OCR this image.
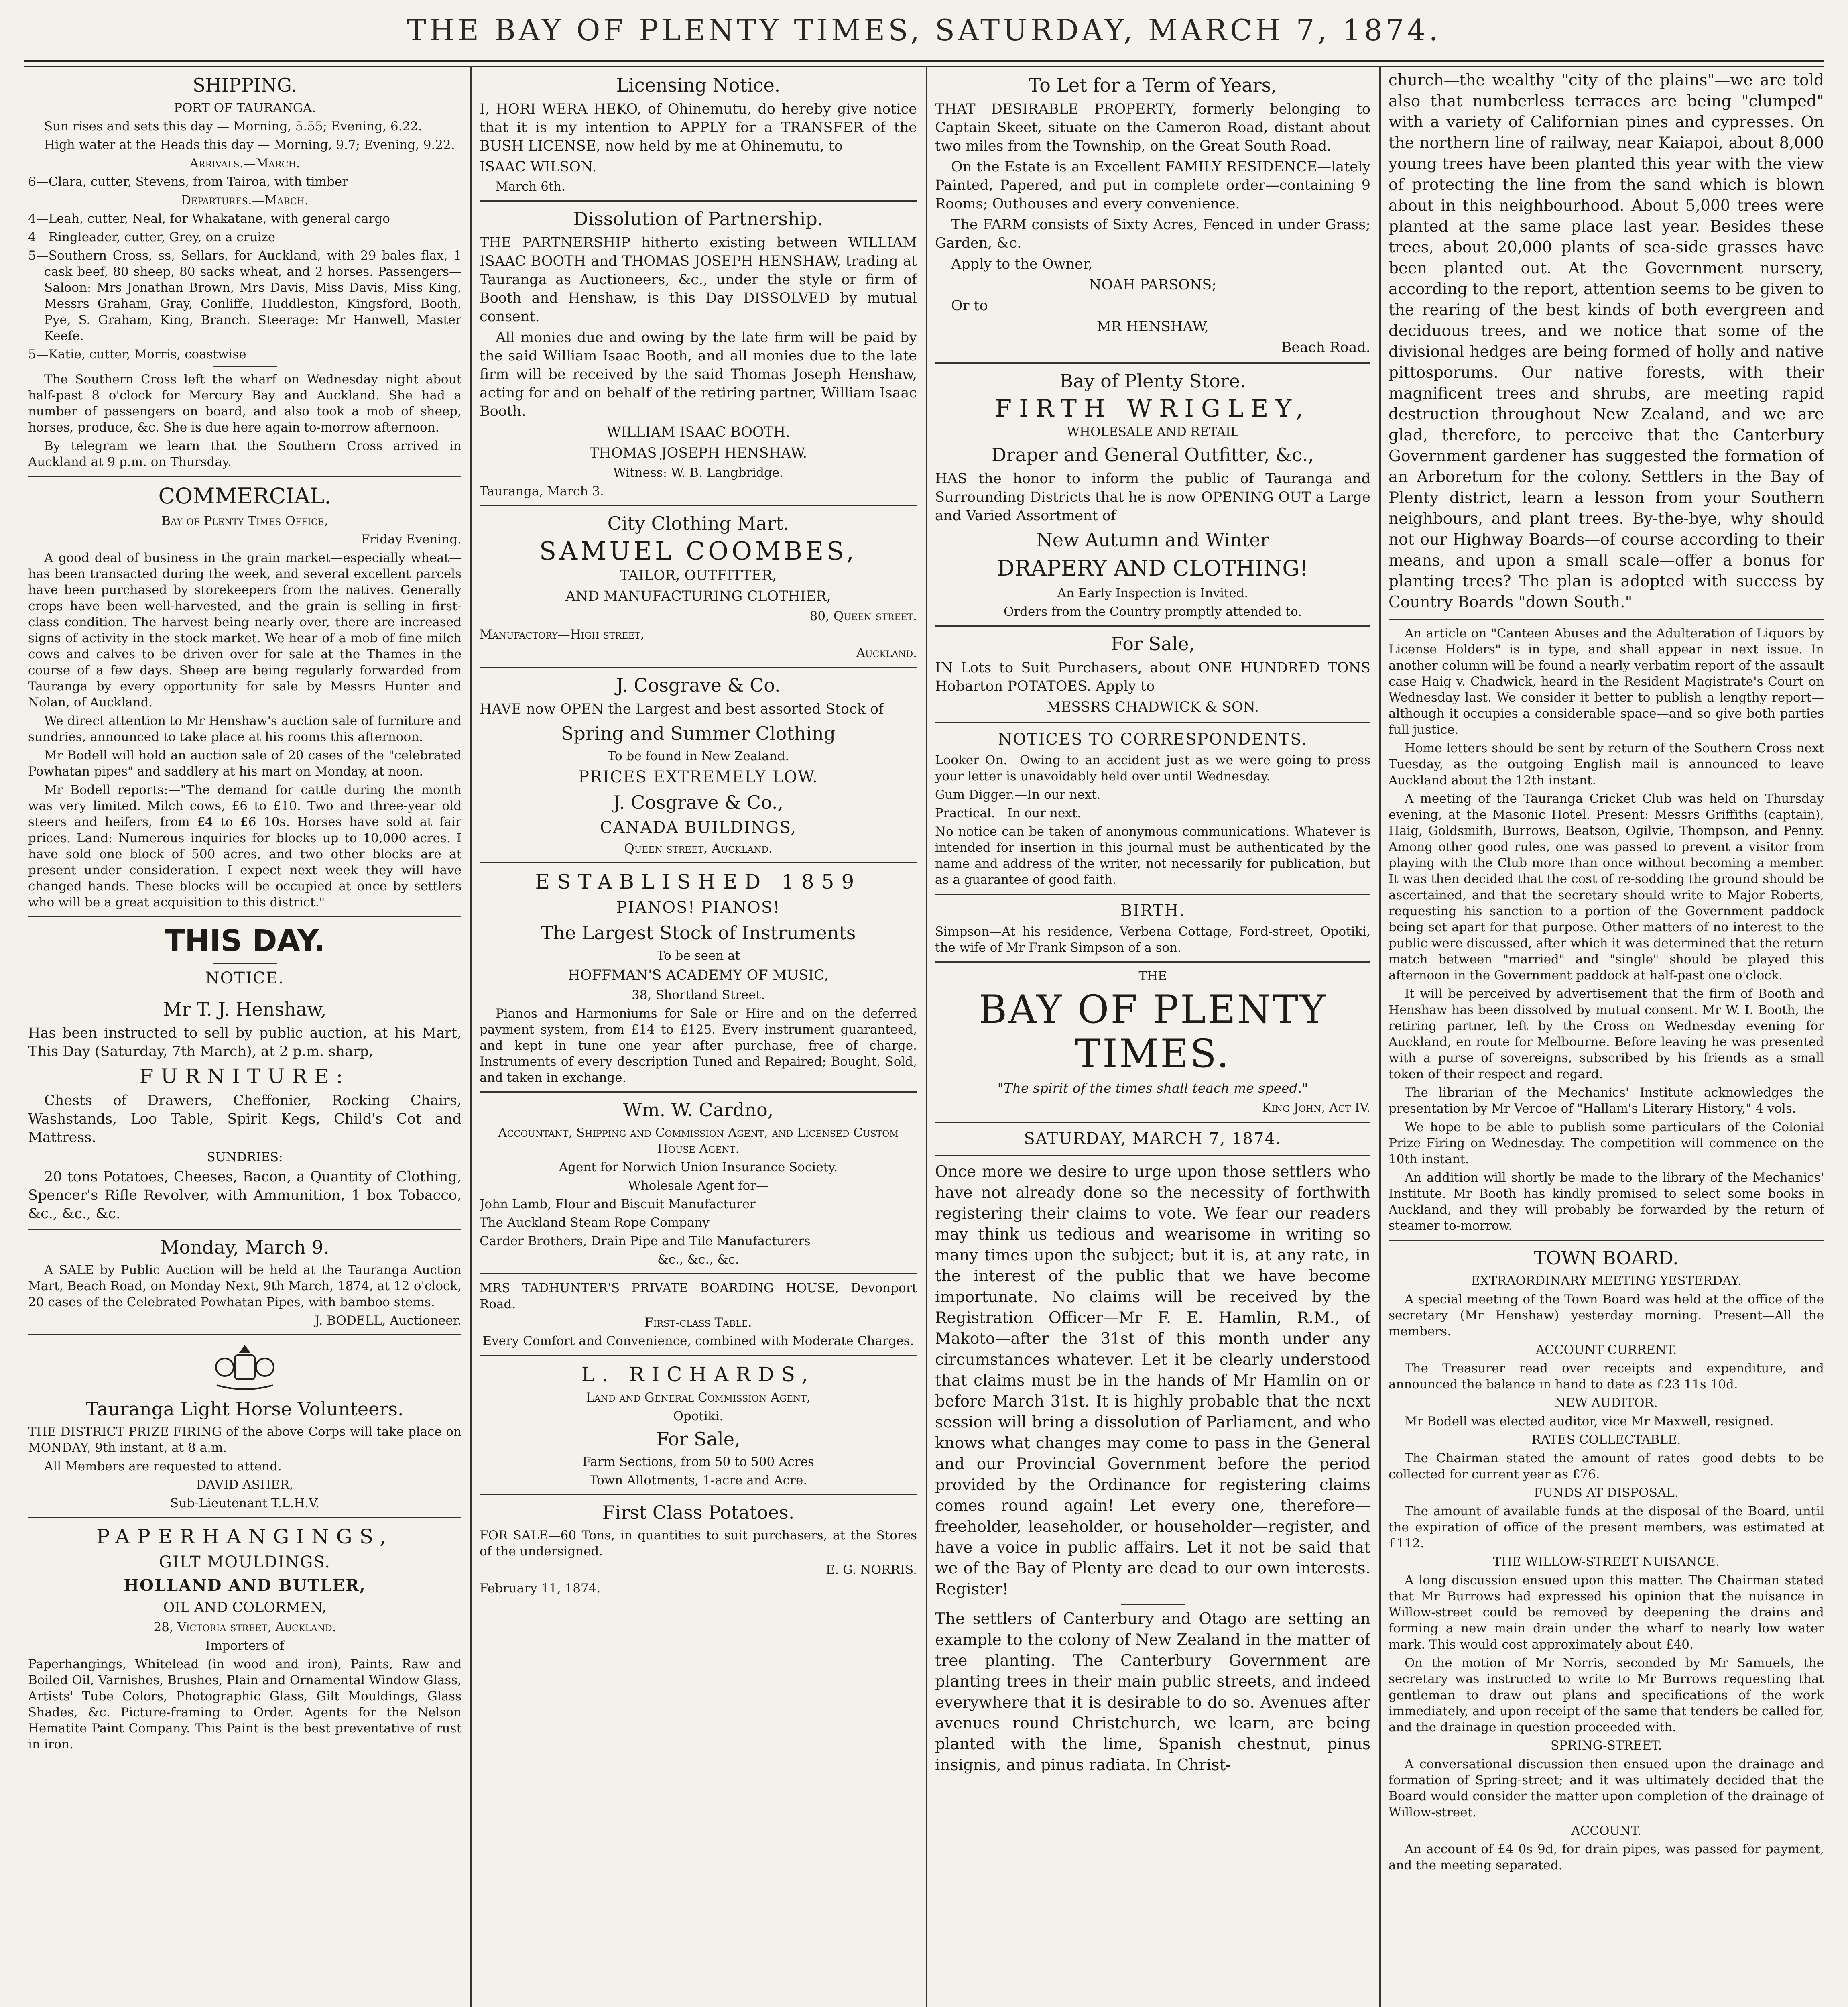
THE BAY OF PLENTY TIMES, SATURDAY, MARCH 7, 1874.
SHIPPING.

PORT OF TAURANGA.

Sun rises and sets this day — Morning, 5.55; Evening, 6.22.

High water at the Heads this day — Morning, 9.7; Evening, 9.22.

Arrivals.—March.

6—Clara, cutter, Stevens, from Tairoa, with timber

Departures.—March.

4—Leah, cutter, Neal, for Whakatane, with general cargo

4—Ringleader, cutter, Grey, on a cruize

5—Southern Cross, ss, Sellars, for Auckland, with 29 bales flax, 1 cask beef, 80 sheep, 80 sacks wheat, and 2 horses. Passengers—Saloon: Mrs Jonathan Brown, Mrs Davis, Miss Davis, Miss King, Messrs Graham, Gray, Conliffe, Huddleston, Kingsford, Booth, Pye, S. Graham, King, Branch. Steerage: Mr Hanwell, Master Keefe.

5—Katie, cutter, Morris, coastwise

The Southern Cross left the wharf on Wednesday night about half-past 8 o'clock for Mercury Bay and Auckland. She had a number of passengers on board, and also took a mob of sheep, horses, produce, &c. She is due here again to-morrow afternoon.

By telegram we learn that the Southern Cross arrived in Auckland at 9 p.m. on Thursday.

COMMERCIAL.

Bay of Plenty Times Office,

Friday Evening.

A good deal of business in the grain market—especially wheat—has been transacted during the week, and several excellent parcels have been purchased by storekeepers from the natives. Generally crops have been well-harvested, and the grain is selling in first-class condition. The harvest being nearly over, there are increased signs of activity in the stock market. We hear of a mob of fine milch cows and calves to be driven over for sale at the Thames in the course of a few days. Sheep are being regularly forwarded from Tauranga by every opportunity for sale by Messrs Hunter and Nolan, of Auckland.

We direct attention to Mr Henshaw's auction sale of furniture and sundries, announced to take place at his rooms this afternoon.

Mr Bodell will hold an auction sale of 20 cases of the "celebrated Powhatan pipes" and saddlery at his mart on Monday, at noon.

Mr Bodell reports:—"The demand for cattle during the month was very limited. Milch cows, £6 to £10. Two and three-year old steers and heifers, from £4 to £6 10s. Horses have sold at fair prices. Land: Numerous inquiries for blocks up to 10,000 acres. I have sold one block of 500 acres, and two other blocks are at present under consideration. I expect next week they will have changed hands. These blocks will be occupied at once by settlers who will be a great acquisition to this district."

THIS DAY.
NOTICE.
Mr T. J. Henshaw,

Has been instructed to sell by public auction, at his Mart, This Day (Saturday, 7th March), at 2 p.m. sharp,

FURNITURE:

Chests of Drawers, Cheffonier, Rocking Chairs, Washstands, Loo Table, Spirit Kegs, Child's Cot and Mattress.

SUNDRIES:

20 tons Potatoes, Cheeses, Bacon, a Quantity of Clothing, Spencer's Rifle Revolver, with Ammunition, 1 box Tobacco, &c., &c., &c.

Monday, March 9.

A SALE by Public Auction will be held at the Tauranga Auction Mart, Beach Road, on Monday Next, 9th March, 1874, at 12 o'clock, 20 cases of the Celebrated Powhatan Pipes, with bamboo stems.

J. BODELL, Auctioneer.

Tauranga Light Horse Volunteers.

THE DISTRICT PRIZE FIRING of the above Corps will take place on MONDAY, 9th instant, at 8 a.m.

All Members are requested to attend.

DAVID ASHER,

Sub-Lieutenant T.L.H.V.

PAPERHANGINGS,
GILT MOULDINGS.
HOLLAND AND BUTLER,

OIL AND COLORMEN,

28, Victoria street, Auckland.

Importers of

Paperhangings, Whitelead (in wood and iron), Paints, Raw and Boiled Oil, Varnishes, Brushes, Plain and Ornamental Window Glass, Artists' Tube Colors, Photographic Glass, Gilt Mouldings, Glass Shades, &c. Picture-framing to Order. Agents for the Nelson Hematite Paint Company. This Paint is the best preventative of rust in iron.

Licensing Notice.

I, HORI WERA HEKO, of Ohinemutu, do hereby give notice that it is my intention to APPLY for a TRANSFER of the BUSH LICENSE, now held by me at Ohinemutu, to

ISAAC WILSON.

March 6th.

Dissolution of Partnership.

THE PARTNERSHIP hitherto existing between WILLIAM ISAAC BOOTH and THOMAS JOSEPH HENSHAW, trading at Tauranga as Auctioneers, &c., under the style or firm of Booth and Henshaw, is this Day DISSOLVED by mutual consent.

All monies due and owing by the late firm will be paid by the said William Isaac Booth, and all monies due to the late firm will be received by the said Thomas Joseph Henshaw, acting for and on behalf of the retiring partner, William Isaac Booth.

WILLIAM ISAAC BOOTH.

THOMAS JOSEPH HENSHAW.

Witness: W. B. Langbridge.

Tauranga, March 3.

City Clothing Mart.
SAMUEL COOMBES,

TAILOR, OUTFITTER,

AND MANUFACTURING CLOTHIER,

80, Queen street.

Manufactory—High street,

Auckland.

J. Cosgrave & Co.

HAVE now OPEN the Largest and best assorted Stock of

Spring and Summer Clothing

To be found in New Zealand.

PRICES EXTREMELY LOW.
J. Cosgrave & Co.,
CANADA BUILDINGS,

Queen street, Auckland.

ESTABLISHED 1859
PIANOS! PIANOS!
The Largest Stock of Instruments

To be seen at

HOFFMAN'S ACADEMY OF MUSIC,

38, Shortland Street.

Pianos and Harmoniums for Sale or Hire and on the deferred payment system, from £14 to £125. Every instrument guaranteed, and kept in tune one year after purchase, free of charge. Instruments of every description Tuned and Repaired; Bought, Sold, and taken in exchange.

Wm. W. Cardno,

Accountant, Shipping and Commission Agent, and Licensed Custom House Agent.

Agent for Norwich Union Insurance Society.

Wholesale Agent for—

John Lamb, Flour and Biscuit Manufacturer

The Auckland Steam Rope Company

Carder Brothers, Drain Pipe and Tile Manufacturers

&c., &c., &c.

MRS TADHUNTER'S PRIVATE BOARDING HOUSE, Devonport Road.

First-class Table.

Every Comfort and Convenience, combined with Moderate Charges.

L. RICHARDS,

Land and General Commission Agent,

Opotiki.

For Sale,

Farm Sections, from 50 to 500 Acres

Town Allotments, 1-acre and Acre.

First Class Potatoes.

FOR SALE—60 Tons, in quantities to suit purchasers, at the Stores of the undersigned.

E. G. NORRIS.

February 11, 1874.

To Let for a Term of Years,

THAT DESIRABLE PROPERTY, formerly belonging to Captain Skeet, situate on the Cameron Road, distant about two miles from the Township, on the Great South Road.

On the Estate is an Excellent FAMILY RESIDENCE—lately Painted, Papered, and put in complete order—containing 9 Rooms; Outhouses and every convenience.

The FARM consists of Sixty Acres, Fenced in under Grass; Garden, &c.

Apply to the Owner,

NOAH PARSONS;

Or to

MR HENSHAW,

Beach Road.

Bay of Plenty Store.
FIRTH WRIGLEY,

WHOLESALE AND RETAIL

Draper and General Outfitter, &c.,

HAS the honor to inform the public of Tauranga and Surrounding Districts that he is now OPENING OUT a Large and Varied Assortment of

New Autumn and Winter
DRAPERY AND CLOTHING!

An Early Inspection is Invited.

Orders from the Country promptly attended to.

For Sale,

IN Lots to Suit Purchasers, about ONE HUNDRED TONS Hobarton POTATOES. Apply to

MESSRS CHADWICK & SON.

NOTICES TO CORRESPONDENTS.

Looker On.—Owing to an accident just as we were going to press your letter is unavoidably held over until Wednesday.

Gum Digger.—In our next.

Practical.—In our next.

No notice can be taken of anonymous communications. Whatever is intended for insertion in this journal must be authenticated by the name and address of the writer, not necessarily for publication, but as a guarantee of good faith.

BIRTH.

Simpson—At his residence, Verbena Cottage, Ford-street, Opotiki, the wife of Mr Frank Simpson of a son.

THE

BAY OF PLENTY TIMES.

"The spirit of the times shall teach me speed."

King John, Act IV.

SATURDAY, MARCH 7, 1874.

Once more we desire to urge upon those settlers who have not already done so the necessity of forthwith registering their claims to vote. We fear our readers may think us tedious and wearisome in writing so many times upon the subject; but it is, at any rate, in the interest of the public that we have become importunate. No claims will be received by the Registration Officer—Mr F. E. Hamlin, R.M., of Makoto—after the 31st of this month under any circumstances whatever. Let it be clearly understood that claims must be in the hands of Mr Hamlin on or before March 31st. It is highly probable that the next session will bring a dissolution of Parliament, and who knows what changes may come to pass in the General and our Provincial Government before the period provided by the Ordinance for registering claims comes round again! Let every one, therefore—freeholder, leaseholder, or householder—register, and have a voice in public affairs. Let it not be said that we of the Bay of Plenty are dead to our own interests. Register!

The settlers of Canterbury and Otago are setting an example to the colony of New Zealand in the matter of tree planting. The Canterbury Government are planting trees in their main public streets, and indeed everywhere that it is desirable to do so. Avenues after avenues round Christchurch, we learn, are being planted with the lime, Spanish chestnut, pinus insignis, and pinus radiata. In Christ-

church—the wealthy "city of the plains"—we are told also that numberless terraces are being "clumped" with a variety of Californian pines and cypresses. On the northern line of railway, near Kaiapoi, about 8,000 young trees have been planted this year with the view of protecting the line from the sand which is blown about in this neighbourhood. About 5,000 trees were planted at the same place last year. Besides these trees, about 20,000 plants of sea-side grasses have been planted out. At the Government nursery, according to the report, attention seems to be given to the rearing of the best kinds of both evergreen and deciduous trees, and we notice that some of the divisional hedges are being formed of holly and native pittosporums. Our native forests, with their magnificent trees and shrubs, are meeting rapid destruction throughout New Zealand, and we are glad, therefore, to perceive that the Canterbury Government gardener has suggested the formation of an Arboretum for the colony. Settlers in the Bay of Plenty district, learn a lesson from your Southern neighbours, and plant trees. By-the-bye, why should not our Highway Boards—of course according to their means, and upon a small scale—offer a bonus for planting trees? The plan is adopted with success by Country Boards "down South."

An article on "Canteen Abuses and the Adulteration of Liquors by License Holders" is in type, and shall appear in next issue. In another column will be found a nearly verbatim report of the assault case Haig v. Chadwick, heard in the Resident Magistrate's Court on Wednesday last. We consider it better to publish a lengthy report—although it occupies a considerable space—and so give both parties full justice.

Home letters should be sent by return of the Southern Cross next Tuesday, as the outgoing English mail is announced to leave Auckland about the 12th instant.

A meeting of the Tauranga Cricket Club was held on Thursday evening, at the Masonic Hotel. Present: Messrs Griffiths (captain), Haig, Goldsmith, Burrows, Beatson, Ogilvie, Thompson, and Penny. Among other good rules, one was passed to prevent a visitor from playing with the Club more than once without becoming a member. It was then decided that the cost of re-sodding the ground should be ascertained, and that the secretary should write to Major Roberts, requesting his sanction to a portion of the Government paddock being set apart for that purpose. Other matters of no interest to the public were discussed, after which it was determined that the return match between "married" and "single" should be played this afternoon in the Government paddock at half-past one o'clock.

It will be perceived by advertisement that the firm of Booth and Henshaw has been dissolved by mutual consent. Mr W. I. Booth, the retiring partner, left by the Cross on Wednesday evening for Auckland, en route for Melbourne. Before leaving he was presented with a purse of sovereigns, subscribed by his friends as a small token of their respect and regard.

The librarian of the Mechanics' Institute acknowledges the presentation by Mr Vercoe of "Hallam's Literary History," 4 vols.

We hope to be able to publish some particulars of the Colonial Prize Firing on Wednesday. The competition will commence on the 10th instant.

An addition will shortly be made to the library of the Mechanics' Institute. Mr Booth has kindly promised to select some books in Auckland, and they will probably be forwarded by the return of steamer to-morrow.

TOWN BOARD.

EXTRAORDINARY MEETING YESTERDAY.

A special meeting of the Town Board was held at the office of the secretary (Mr Henshaw) yesterday morning. Present—All the members.

ACCOUNT CURRENT.

The Treasurer read over receipts and expenditure, and announced the balance in hand to date as £23 11s 10d.

NEW AUDITOR.

Mr Bodell was elected auditor, vice Mr Maxwell, resigned.

RATES COLLECTABLE.

The Chairman stated the amount of rates—good debts—to be collected for current year as £76.

FUNDS AT DISPOSAL.

The amount of available funds at the disposal of the Board, until the expiration of office of the present members, was estimated at £112.

THE WILLOW-STREET NUISANCE.

A long discussion ensued upon this matter. The Chairman stated that Mr Burrows had expressed his opinion that the nuisance in Willow-street could be removed by deepening the drains and forming a new main drain under the wharf to nearly low water mark. This would cost approximately about £40.

On the motion of Mr Norris, seconded by Mr Samuels, the secretary was instructed to write to Mr Burrows requesting that gentleman to draw out plans and specifications of the work immediately, and upon receipt of the same that tenders be called for, and the drainage in question proceeded with.

SPRING-STREET.

A conversational discussion then ensued upon the drainage and formation of Spring-street; and it was ultimately decided that the Board would consider the matter upon completion of the drainage of Willow-street.

ACCOUNT.

An account of £4 0s 9d, for drain pipes, was passed for payment, and the meeting separated.
